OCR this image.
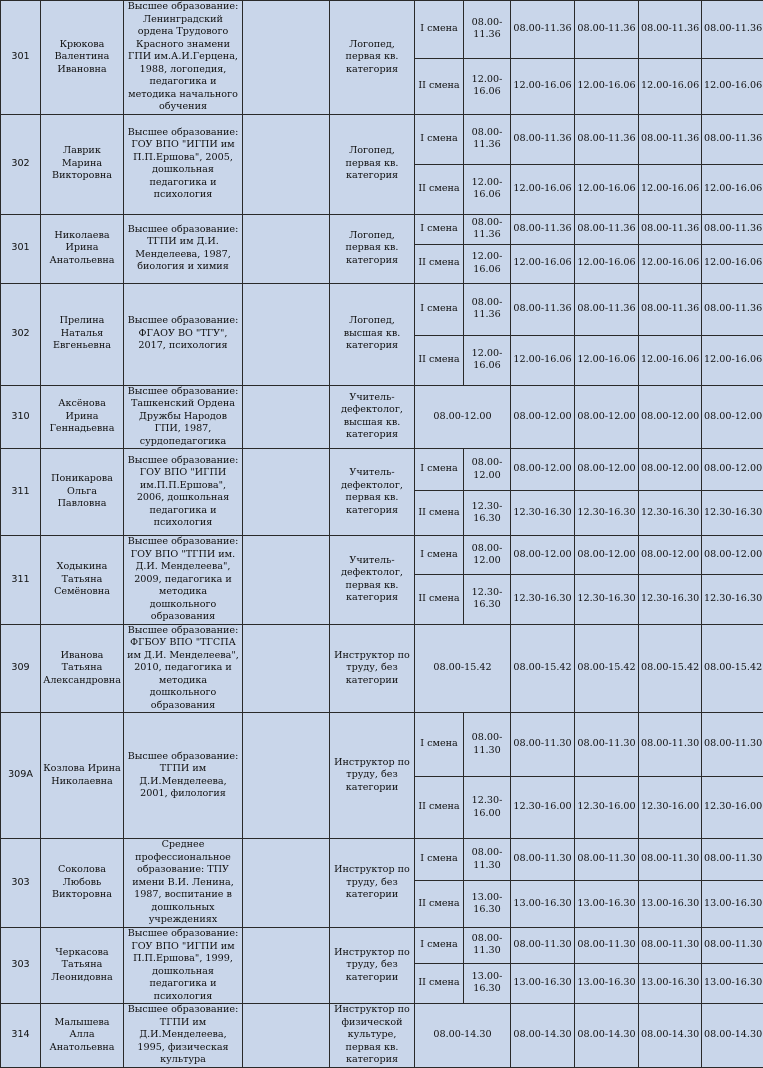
301	Крюкова Валентина Ивановна	Высшее образование: Ленинградский ордена Трудового Красного знамени ГПИ им.А.И.Герцена, 1988, логопедия, педагогика и методика начального обучения		Логопед, первая кв. категория	I смена	08.00-11.36	08.00-11.36	08.00-11.36	08.00-11.36	08.00-11.36
					II смена	12.00-16.06	12.00-16.06	12.00-16.06	12.00-16.06	12.00-16.06
302	Лаврик Марина Викторовна	Высшее образование: ГОУ ВПО "ИГПИ им П.П.Ершова", 2005, дошкольная педагогика и психология		Логопед, первая кв. категория	I смена	08.00-11.36	08.00-11.36	08.00-11.36	08.00-11.36	08.00-11.36
					II смена	12.00-16.06	12.00-16.06	12.00-16.06	12.00-16.06	12.00-16.06
301	Николаева Ирина Анатольевна	Высшее образование: ТГПИ им Д.И. Менделеева, 1987, биология и химия		Логопед, первая кв. категория	I смена	08.00-11.36	08.00-11.36	08.00-11.36	08.00-11.36	08.00-11.36
					II смена	12.00-16.06	12.00-16.06	12.00-16.06	12.00-16.06	12.00-16.06
302	Прелина Наталья Евгеньевна	Высшее образование: ФГАОУ ВО "ТГУ", 2017, психология		Логопед, высшая кв. категория	I смена	08.00-11.36	08.00-11.36	08.00-11.36	08.00-11.36	08.00-11.36
					II смена	12.00-16.06	12.00-16.06	12.00-16.06	12.00-16.06	12.00-16.06
310	Аксёнова Ирина Геннадьевна	Высшее образование: Ташкенский Ордена Дружбы Народов ГПИ, 1987, сурдопедагогика		Учитель-дефектолог, высшая кв. категория	08.00-12.00		08.00-12.00	08.00-12.00	08.00-12.00	08.00-12.00
311	Поникарова Ольга Павловна	Высшее образование: ГОУ ВПО "ИГПИ им.П.П.Ершова", 2006, дошкольная педагогика и психология		Учитель-дефектолог, первая кв. категория	I смена	08.00-12.00	08.00-12.00	08.00-12.00	08.00-12.00	08.00-12.00
					II смена	12.30-16.30	12.30-16.30	12.30-16.30	12.30-16.30	12.30-16.30
311	Ходыкина Татьяна Семёновна	Высшее образование: ГОУ ВПО "ТГПИ им. Д.И. Менделеева", 2009, педагогика и методика дошкольного образования		Учитель-дефектолог, первая кв. категория	I смена	08.00-12.00	08.00-12.00	08.00-12.00	08.00-12.00	08.00-12.00
					II смена	12.30-16.30	12.30-16.30	12.30-16.30	12.30-16.30	12.30-16.30
309	Иванова Татьяна Александровна	Высшее образование: ФГБОУ ВПО "ТГСПА им Д.И. Менделеева", 2010, педагогика и методика дошкольного образования		Инструктор по труду, без категории	08.00-15.42		08.00-15.42	08.00-15.42	08.00-15.42	08.00-15.42
309А	Козлова Ирина Николаевна	Высшее образование: ТГПИ им Д.И.Менделеева, 2001, филология		Инструктор по труду, без категории	I смена	08.00-11.30	08.00-11.30	08.00-11.30	08.00-11.30	08.00-11.30
					II смена	12.30-16.00	12.30-16.00	12.30-16.00	12.30-16.00	12.30-16.00
303	Соколова Любовь Викторовна	Среднее профессиональное образование: ТПУ имени В.И. Ленина, 1987, воспитание в дошкольных учреждениях		Инструктор по труду, без категории	I смена	08.00-11.30	08.00-11.30	08.00-11.30	08.00-11.30	08.00-11.30
					II смена	13.00-16.30	13.00-16.30	13.00-16.30	13.00-16.30	13.00-16.30
303	Черкасова Татьяна Леонидовна	Высшее образование: ГОУ ВПО "ИГПИ им П.П.Ершова", 1999, дошкольная педагогика и психология		Инструктор по труду, без категории	I смена	08.00-11.30	08.00-11.30	08.00-11.30	08.00-11.30	08.00-11.30
					II смена	13.00-16.30	13.00-16.30	13.00-16.30	13.00-16.30	13.00-16.30
314	Малышева Алла Анатольевна	Высшее образование: ТГПИ им Д.И.Менделеева, 1995, физическая культура		Инструктор по физической культуре, первая кв. категория	08.00-14.30		08.00-14.30	08.00-14.30	08.00-14.30	08.00-14.30
